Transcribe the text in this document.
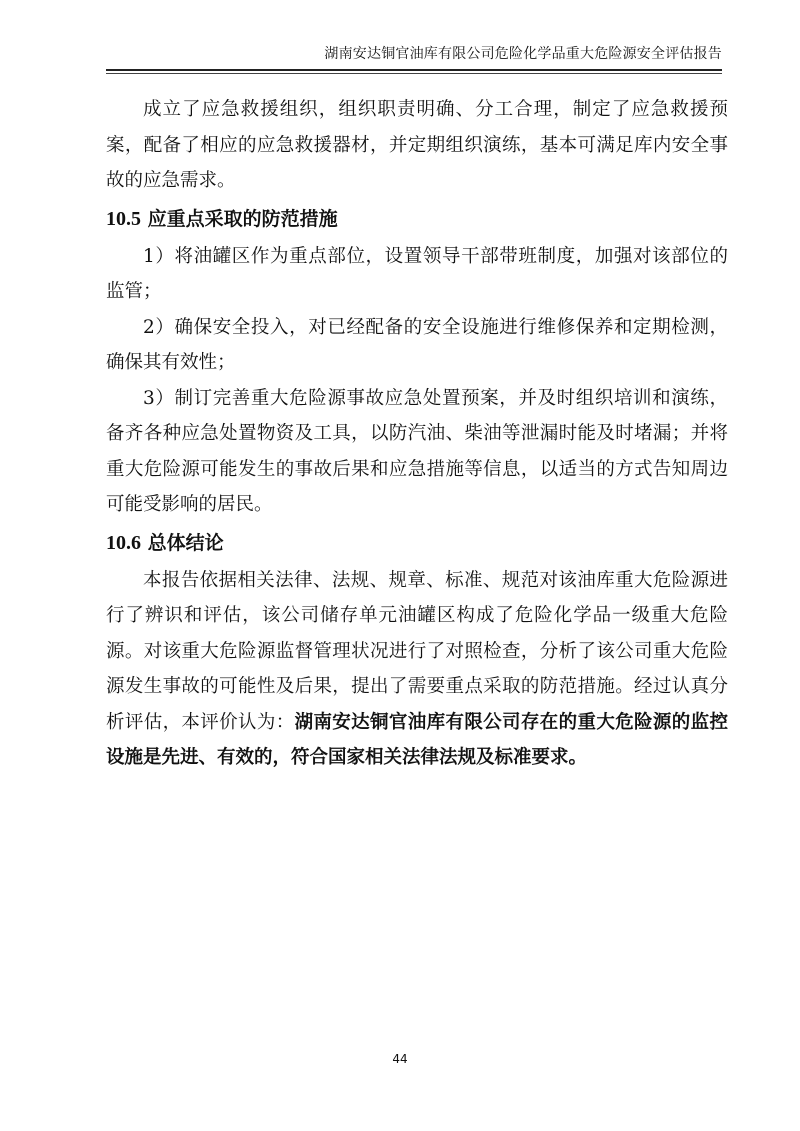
湖南安达铜官油库有限公司危险化学品重大危险源安全评估报告

成立了应急救援组织，组织职责明确、分工合理，制定了应急救援预案，配备了相应的应急救援器材，并定期组织演练，基本可满足库内安全事故的应急需求。

10.5 应重点采取的防范措施

1）将油罐区作为重点部位，设置领导干部带班制度，加强对该部位的监管；

2）确保安全投入，对已经配备的安全设施进行维修保养和定期检测，确保其有效性；

3）制订完善重大危险源事故应急处置预案，并及时组织培训和演练，备齐各种应急处置物资及工具，以防汽油、柴油等泄漏时能及时堵漏；并将重大危险源可能发生的事故后果和应急措施等信息，以适当的方式告知周边可能受影响的居民。

10.6 总体结论

本报告依据相关法律、法规、规章、标准、规范对该油库重大危险源进行了辨识和评估，该公司储存单元油罐区构成了危险化学品一级重大危险源。对该重大危险源监督管理状况进行了对照检查，分析了该公司重大危险源发生事故的可能性及后果，提出了需要重点采取的防范措施。经过认真分析评估，本评价认为：湖南安达铜官油库有限公司存在的重大危险源的监控设施是先进、有效的，符合国家相关法律法规及标准要求。

44
